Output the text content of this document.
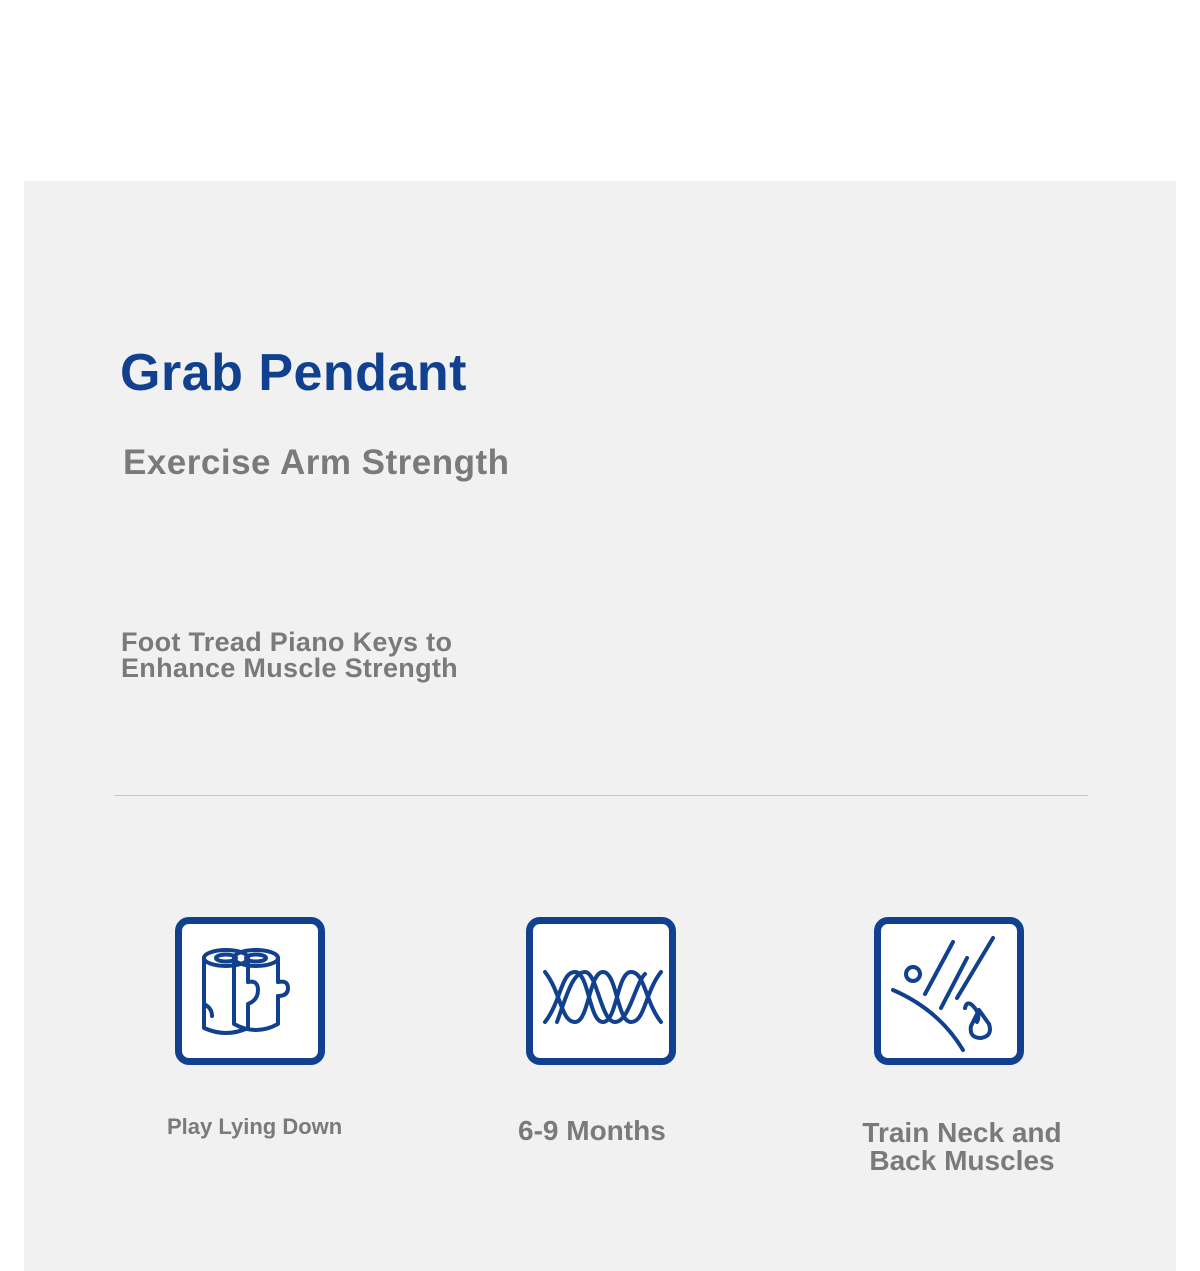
Grab Pendant
Exercise Arm Strength

Foot Tread Piano Keys to
Enhance Muscle Strength

Play Lying Down	6-9 Months	Train Neck and
Back Muscles
